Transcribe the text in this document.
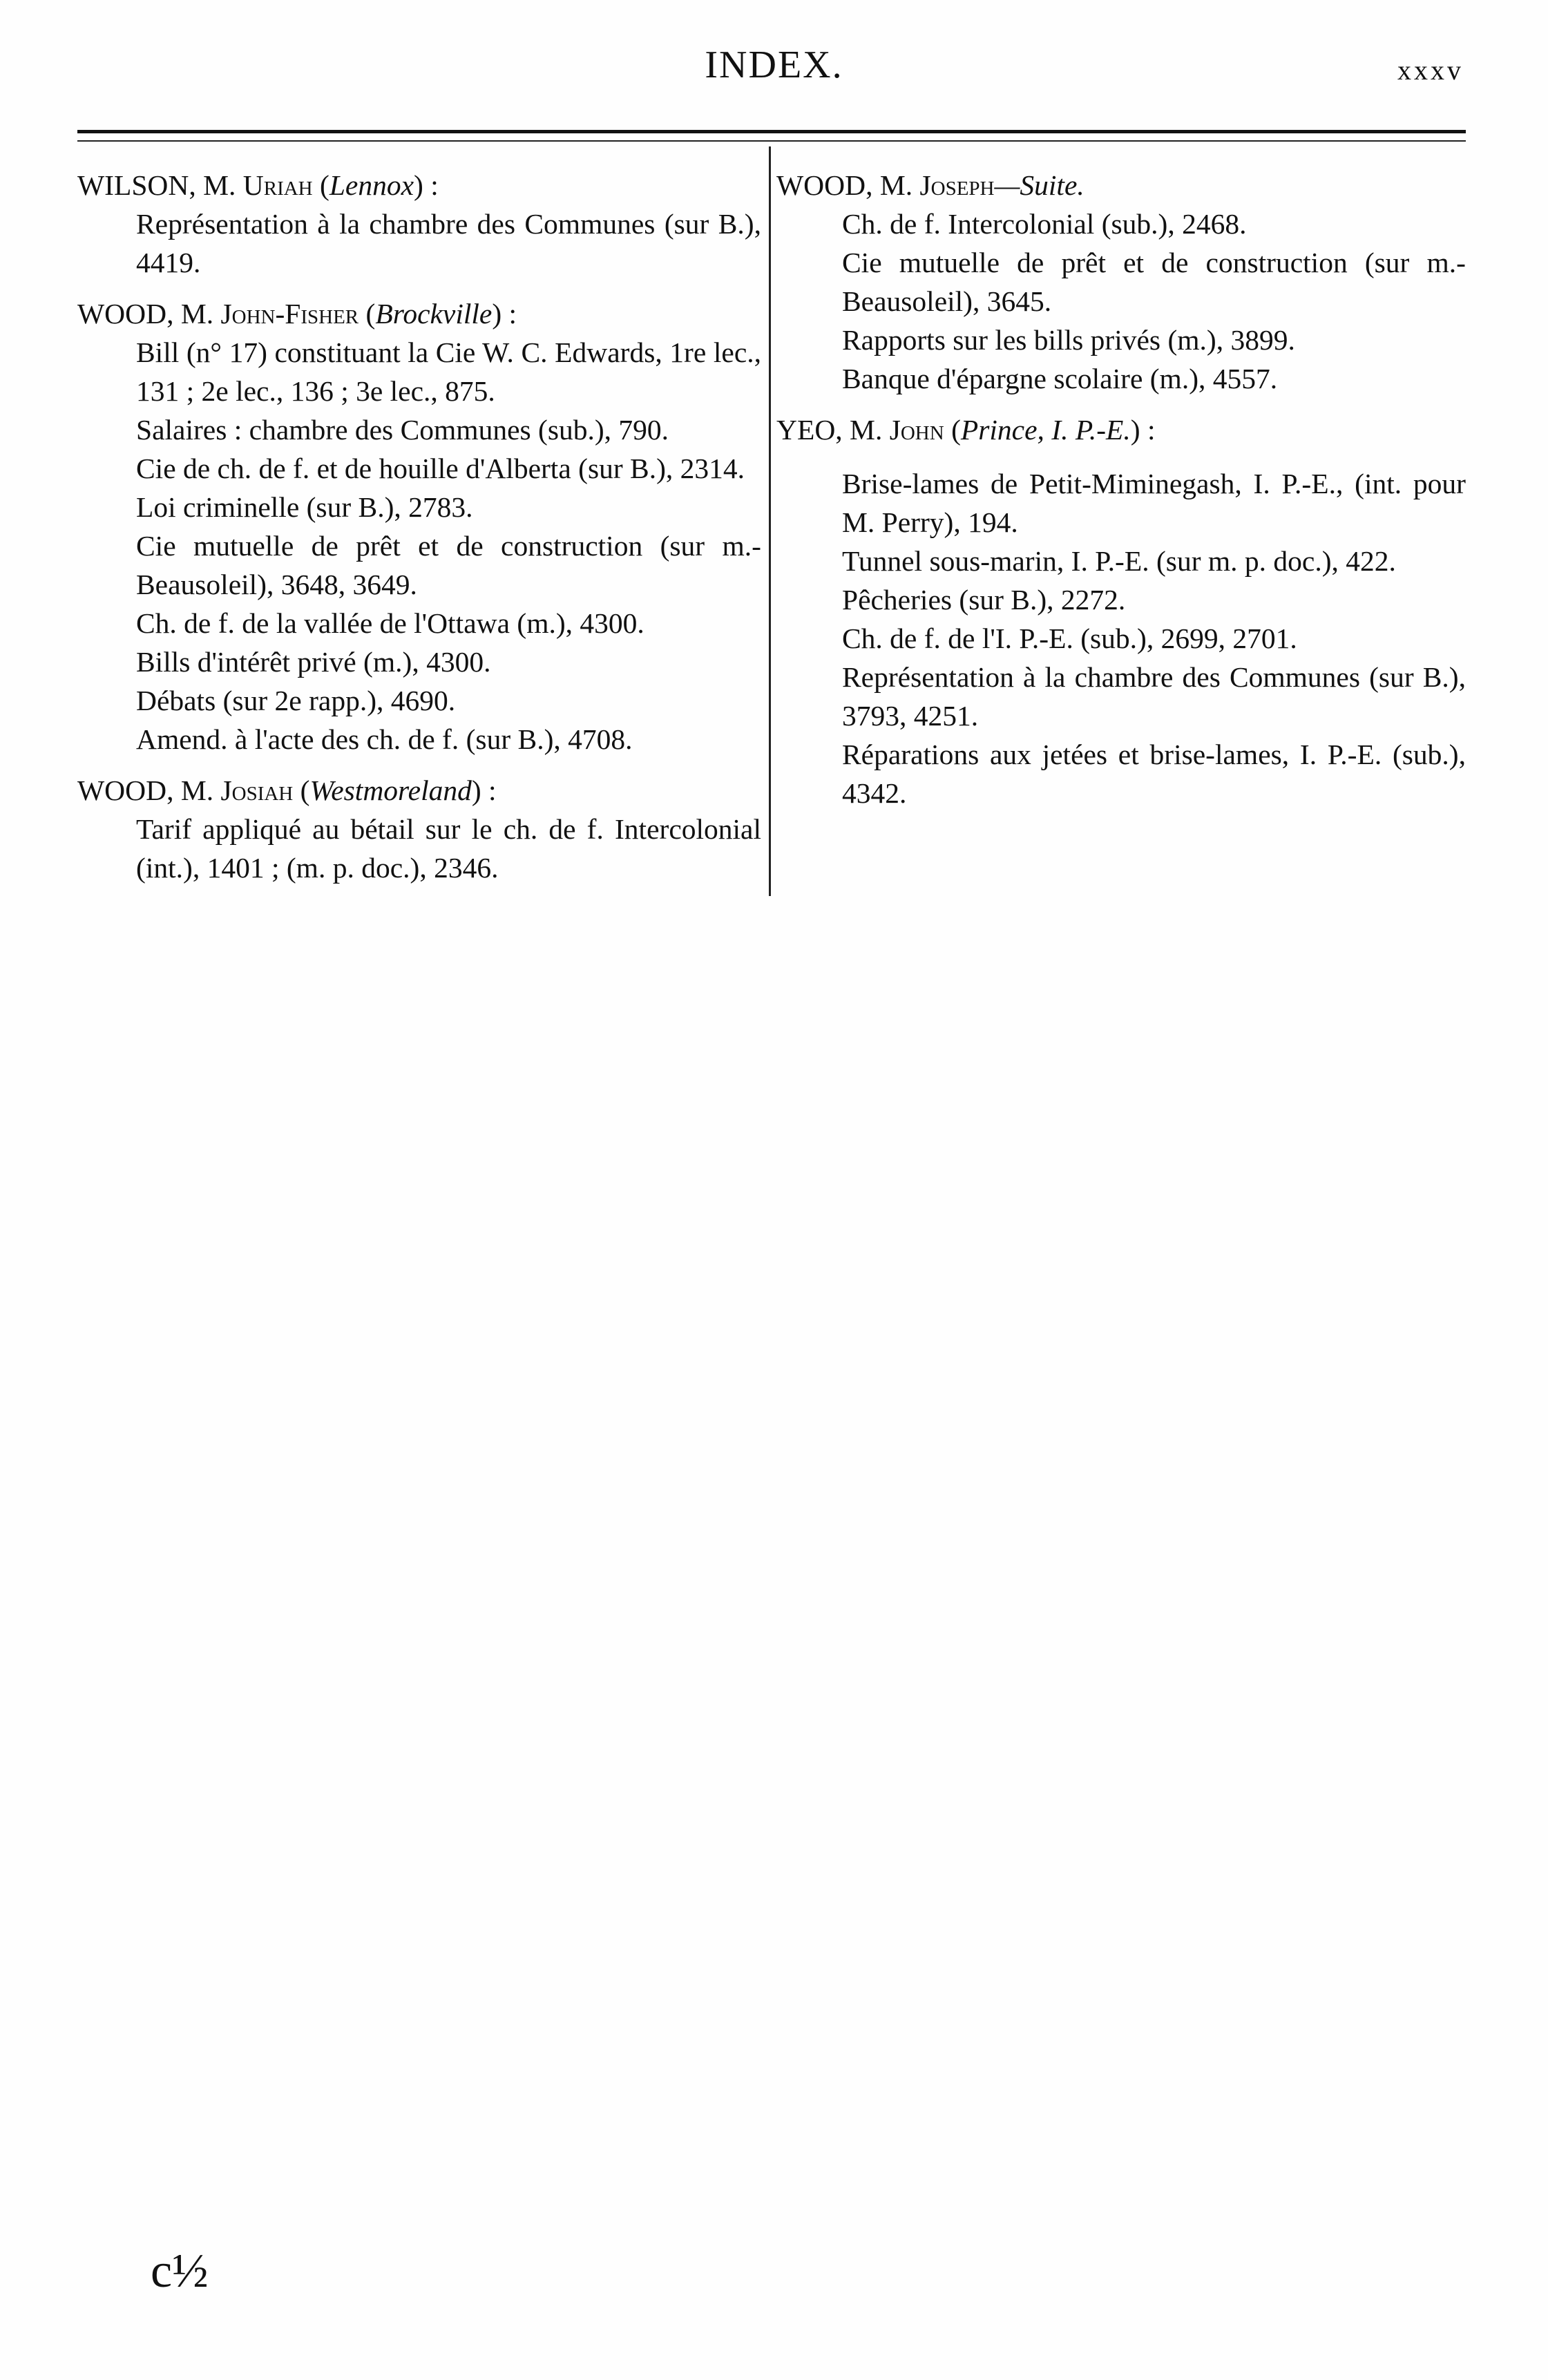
INDEX.	xxxv
WILSON, M. Uriah (Lennox) :
Représentation à la chambre des Communes (sur B.), 4419.
WOOD, M. John-Fisher (Brockville) :
Bill (n° 17) constituant la Cie W. C. Edwards, 1re lec., 131 ; 2e lec., 136 ; 3e lec., 875.
Salaires : chambre des Communes (sub.), 790.
Cie de ch. de f. et de houille d'Alberta (sur B.), 2314.
Loi criminelle (sur B.), 2783.
Cie mutuelle de prêt et de construction (sur m.-Beausoleil), 3648, 3649.
Ch. de f. de la vallée de l'Ottawa (m.), 4300.
Bills d'intérêt privé (m.), 4300.
Débats (sur 2e rapp.), 4690.
Amend. à l'acte des ch. de f. (sur B.), 4708.
WOOD, M. Josiah (Westmoreland) :
Tarif appliqué au bétail sur le ch. de f. Intercolonial (int.), 1401 ; (m. p. doc.), 2346.
WOOD, M. Joseph—Suite.
Ch. de f. Intercolonial (sub.), 2468.
Cie mutuelle de prêt et de construction (sur m.-Beausoleil), 3645.
Rapports sur les bills privés (m.), 3899.
Banque d'épargne scolaire (m.), 4557.
YEO, M. John (Prince, I. P.-E.) :
Brise-lames de Petit-Miminegash, I. P.-E., (int. pour M. Perry), 194.
Tunnel sous-marin, I. P.-E. (sur m. p. doc.), 422.
Pêcheries (sur B.), 2272.
Ch. de f. de l'I. P.-E. (sub.), 2699, 2701.
Représentation à la chambre des Communes (sur B.), 3793, 4251.
Réparations aux jetées et brise-lames, I. P.-E. (sub.), 4342.
c½
